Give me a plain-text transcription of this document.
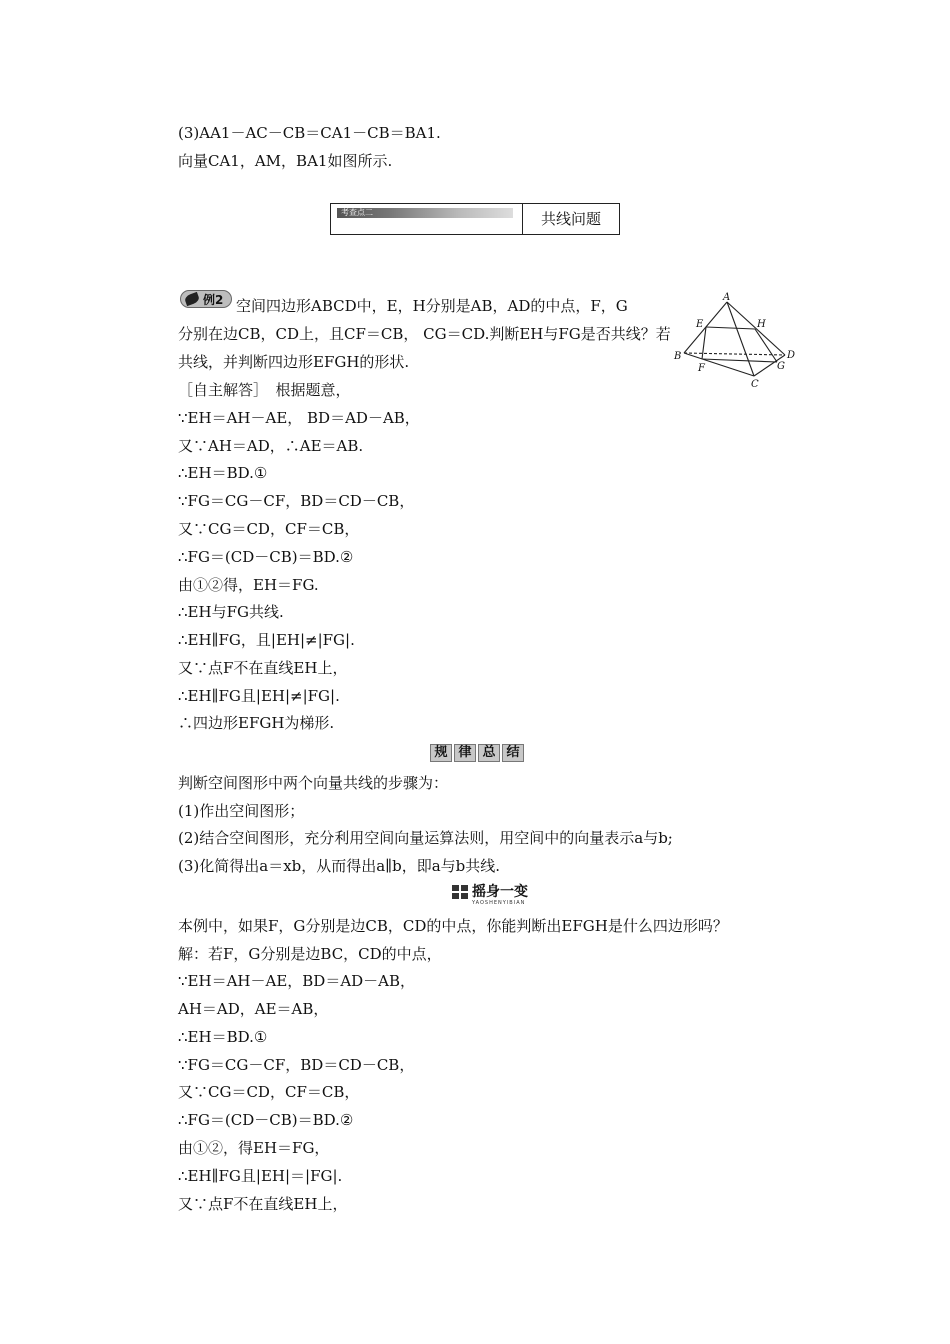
(3)AA1－AC－CB＝CA1－CB＝BA1.
向量CA1，AM，BA1如图所示.
考查点二	共线问题
例2 空间四边形ABCD中，E，H分别是AB，AD的中点，F，G
分别在边CB，CD上，且CF＝CB， CG＝CD.判断EH与FG是否共线？若
共线，并判断四边形EFGH的形状.
A
E	H
B
F
C
G
D
［自主解答］　根据题意，
∵EH＝AH－AE， BD＝AD－AB，
又∵AH＝AD，∴AE＝AB.
∴EH＝BD.①
∵FG＝CG－CF，BD＝CD－CB，
又∵CG＝CD，CF＝CB，
∴FG＝(CD－CB)＝BD.②
由①②得，EH＝FG.
∴EH与FG共线.
∴EH∥FG，且|EH|≠|FG|.
又∵点F不在直线EH上，
∴EH∥FG且|EH|≠|FG|.
∴四边形EFGH为梯形.
规 律 总 结
判断空间图形中两个向量共线的步骤为：
(1)作出空间图形；
(2)结合空间图形，充分利用空间向量运算法则，用空间中的向量表示a与b;
(3)化简得出a＝xb，从而得出a∥b，即a与b共线.
摇身一变
YAOSHENYIBIAN
本例中，如果F，G分别是边CB，CD的中点，你能判断出EFGH是什么四边形吗？
解：若F，G分别是边BC，CD的中点，
∵EH＝AH－AE，BD＝AD－AB，
AH＝AD，AE＝AB，
∴EH＝BD.①
∵FG＝CG－CF，BD＝CD－CB，
又∵CG＝CD，CF＝CB，
∴FG＝(CD－CB)＝BD.②
由①②，得EH＝FG，
∴EH∥FG且|EH|＝|FG|.
又∵点F不在直线EH上，
